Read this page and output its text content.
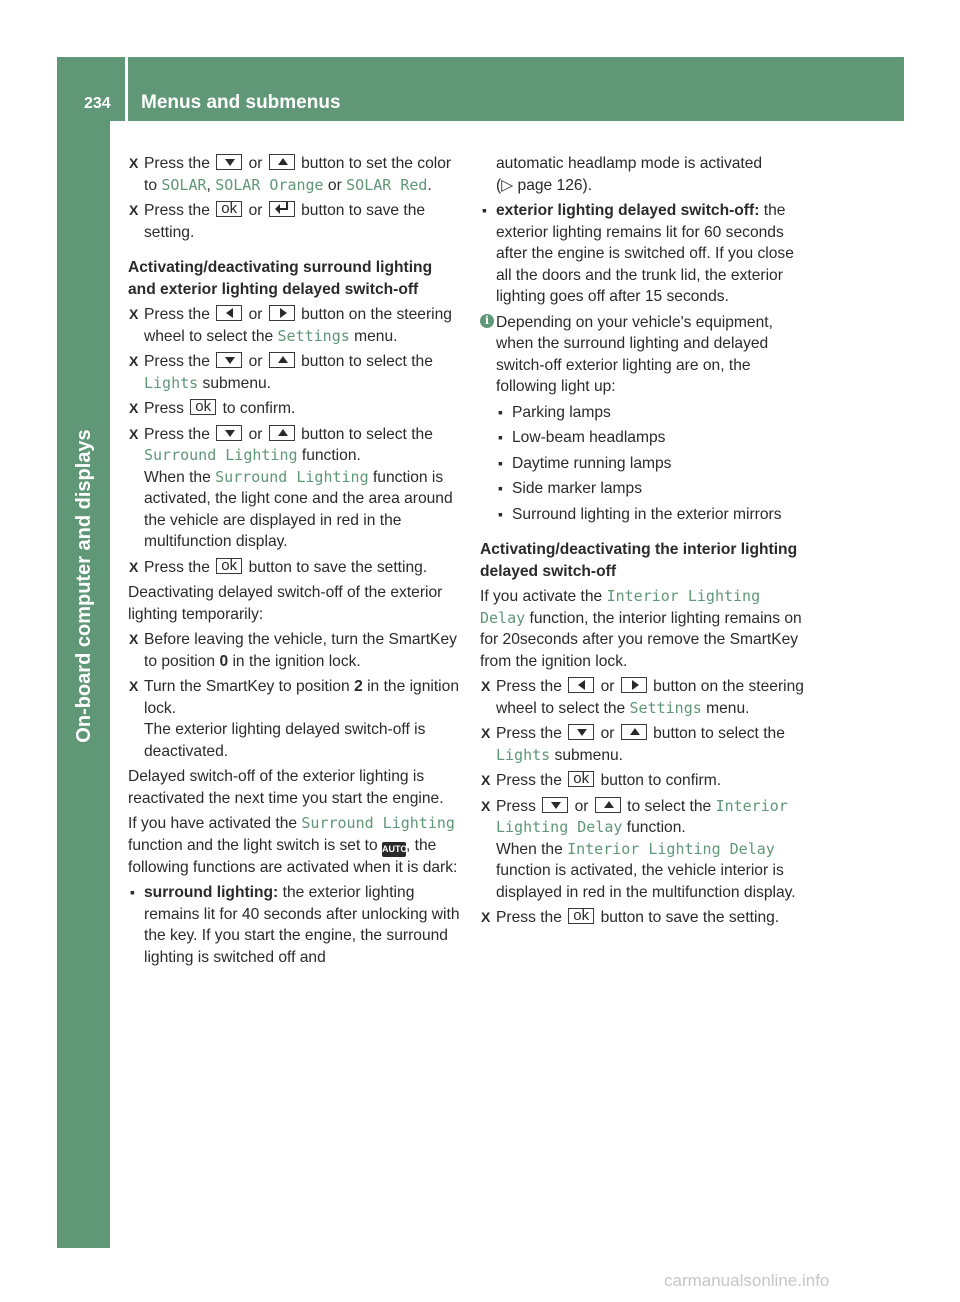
234 Menus and submenus
On-board computer and displays
X Press the or button to set the color to SOLAR, SOLAR Orange or SOLAR Red.
X Press the ok or button to save the setting.
Activating/deactivating surround lighting and exterior lighting delayed switch-off
X Press the or button on the steering wheel to select the Settings menu.
X Press the or button to select the Lights submenu.
X Press ok to confirm.
X Press the or button to select the Surround Lighting function.
When the Surround Lighting function is activated, the light cone and the area around the vehicle are displayed in red in the multifunction display.
X Press the ok button to save the setting.

Deactivating delayed switch-off of the exterior lighting temporarily:

X Before leaving the vehicle, turn the SmartKey to position 0 in the ignition lock.
X Turn the SmartKey to position 2 in the ignition lock.
The exterior lighting delayed switch-off is deactivated.

Delayed switch-off of the exterior lighting is reactivated the next time you start the engine.

If you have activated the Surround Lighting function and the light switch is set to AUTO, the following functions are activated when it is dark:

▪ surround lighting: the exterior lighting remains lit for 40 seconds after unlocking with the key. If you start the engine, the surround lighting is switched off and
automatic headlamp mode is activated
(▷ page 126).
▪ exterior lighting delayed switch-off: the exterior lighting remains lit for 60 seconds after the engine is switched off. If you close all the doors and the trunk lid, the exterior lighting goes off after 15 seconds.
i Depending on your vehicle's equipment, when the surround lighting and delayed switch-off exterior lighting are on, the following light up:
▪ Parking lamps
▪ Low-beam headlamps
▪ Daytime running lamps
▪ Side marker lamps
▪ Surround lighting in the exterior mirrors
Activating/deactivating the interior lighting delayed switch-off

If you activate the Interior Lighting Delay function, the interior lighting remains on for 20seconds after you remove the SmartKey from the ignition lock.

X Press the or button on the steering wheel to select the Settings menu.
X Press the or button to select the Lights submenu.
X Press the ok button to confirm.
X Press or to select the Interior Lighting Delay function.
When the Interior Lighting Delay function is activated, the vehicle interior is displayed in red in the multifunction display.
X Press the ok button to save the setting.
carmanualsonline.info
